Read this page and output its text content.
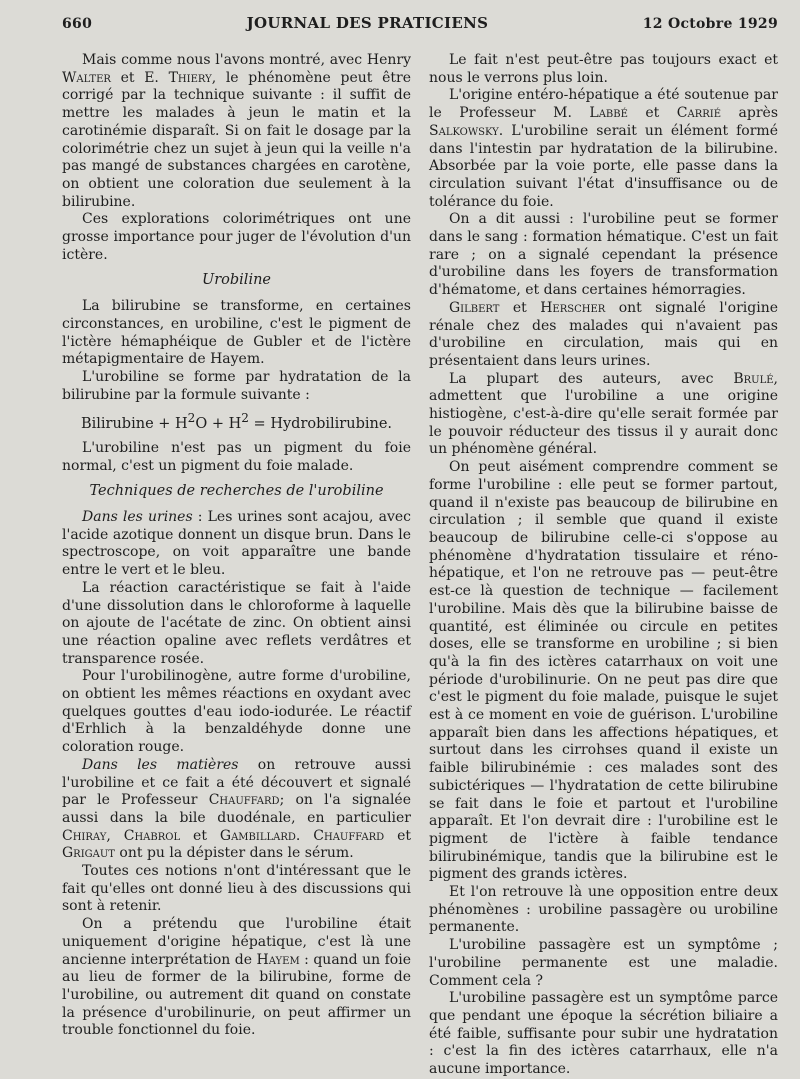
660	JOURNAL DES PRATICIENS	12 Octobre 1929

Mais comme nous l'avons montré, avec Henry Walter et E. Thiery, le phénomène peut être corrigé par la technique suivante : il suffit de mettre les malades à jeun le matin et la carotinémie disparaît. Si on fait le dosage par la colorimétrie chez un sujet à jeun qui la veille n'a pas mangé de substances chargées en carotène, on obtient une coloration due seulement à la bilirubine.

Ces explorations colorimétriques ont une grosse importance pour juger de l'évolution d'un ictère.

Urobiline

La bilirubine se transforme, en certaines circonstances, en urobiline, c'est le pigment de l'ictère hémaphéique de Gubler et de l'ictère métapigmentaire de Hayem.

L'urobiline se forme par hydratation de la bilirubine par la formule suivante :

Bilirubine + $H^2O + H^2$ = Hydrobilirubine.

L'urobiline n'est pas un pigment du foie normal, c'est un pigment du foie malade.

Techniques de recherches de l'urobiline

Dans les urines : Les urines sont acajou, avec l'acide azotique donnent un disque brun. Dans le spectroscope, on voit apparaître une bande entre le vert et le bleu.

La réaction caractéristique se fait à l'aide d'une dissolution dans le chloroforme à laquelle on ajoute de l'acétate de zinc. On obtient ainsi une réaction opaline avec reflets verdâtres et transparence rosée.

Pour l'urobilinogène, autre forme d'urobiline, on obtient les mêmes réactions en oxydant avec quelques gouttes d'eau iodo-iodurée. Le réactif d'Erhlich à la benzaldéhyde donne une coloration rouge.

Dans les matières on retrouve aussi l'urobiline et ce fait a été découvert et signalé par le Professeur Chauffard; on l'a signalée aussi dans la bile duodénale, en particulier Chiray, Chabrol et Gambillard. Chauffard et Grigaut ont pu la dépister dans le sérum.

Toutes ces notions n'ont d'intéressant que le fait qu'elles ont donné lieu à des discussions qui sont à retenir.

On a prétendu que l'urobiline était uniquement d'origine hépatique, c'est là une ancienne interprétation de Hayem : quand un foie au lieu de former de la bilirubine, forme de l'urobiline, ou autrement dit quand on constate la présence d'urobilinurie, on peut affirmer un trouble fonctionnel du foie.

Le fait n'est peut-être pas toujours exact et nous le verrons plus loin.

L'origine entéro-hépatique a été soutenue par le Professeur M. Labbé et Carrié après Salkowsky. L'urobiline serait un élément formé dans l'intestin par hydratation de la bilirubine. Absorbée par la voie porte, elle passe dans la circulation suivant l'état d'insuffisance ou de tolérance du foie.

On a dit aussi : l'urobiline peut se former dans le sang : formation hématique. C'est un fait rare ; on a signalé cependant la présence d'urobiline dans les foyers de transformation d'hématome, et dans certaines hémorragies.

Gilbert et Herscher ont signalé l'origine rénale chez des malades qui n'avaient pas d'urobiline en circulation, mais qui en présentaient dans leurs urines.

La plupart des auteurs, avec Brulé, admettent que l'urobiline a une origine histiogène, c'est-à-dire qu'elle serait formée par le pouvoir réducteur des tissus il y aurait donc un phénomène général.

On peut aisément comprendre comment se forme l'urobiline : elle peut se former partout, quand il n'existe pas beaucoup de bilirubine en circulation ; il semble que quand il existe beaucoup de bilirubine celle-ci s'oppose au phénomène d'hydratation tissulaire et réno-hépatique, et l'on ne retrouve pas — peut-être est-ce là question de technique — facilement l'urobiline. Mais dès que la bilirubine baisse de quantité, est éliminée ou circule en petites doses, elle se transforme en urobiline ; si bien qu'à la fin des ictères catarrhaux on voit une période d'urobilinurie. On ne peut pas dire que c'est le pigment du foie malade, puisque le sujet est à ce moment en voie de guérison. L'urobiline apparaît bien dans les affections hépatiques, et surtout dans les cirrohses quand il existe un faible bilirubinémie : ces malades sont des subictériques — l'hydratation de cette bilirubine se fait dans le foie et partout et l'urobiline apparaît. Et l'on devrait dire : l'urobiline est le pigment de l'ictère à faible tendance bilirubinémique, tandis que la bilirubine est le pigment des grands ictères.

Et l'on retrouve là une opposition entre deux phénomènes : urobiline passagère ou urobiline permanente.

L'urobiline passagère est un symptôme ; l'urobiline permanente est une maladie. Comment cela ?

L'urobiline passagère est un symptôme parce que pendant une époque la sécrétion biliaire a été faible, suffisante pour subir une hydratation : c'est la fin des ictères catarrhaux, elle n'a aucune importance.
